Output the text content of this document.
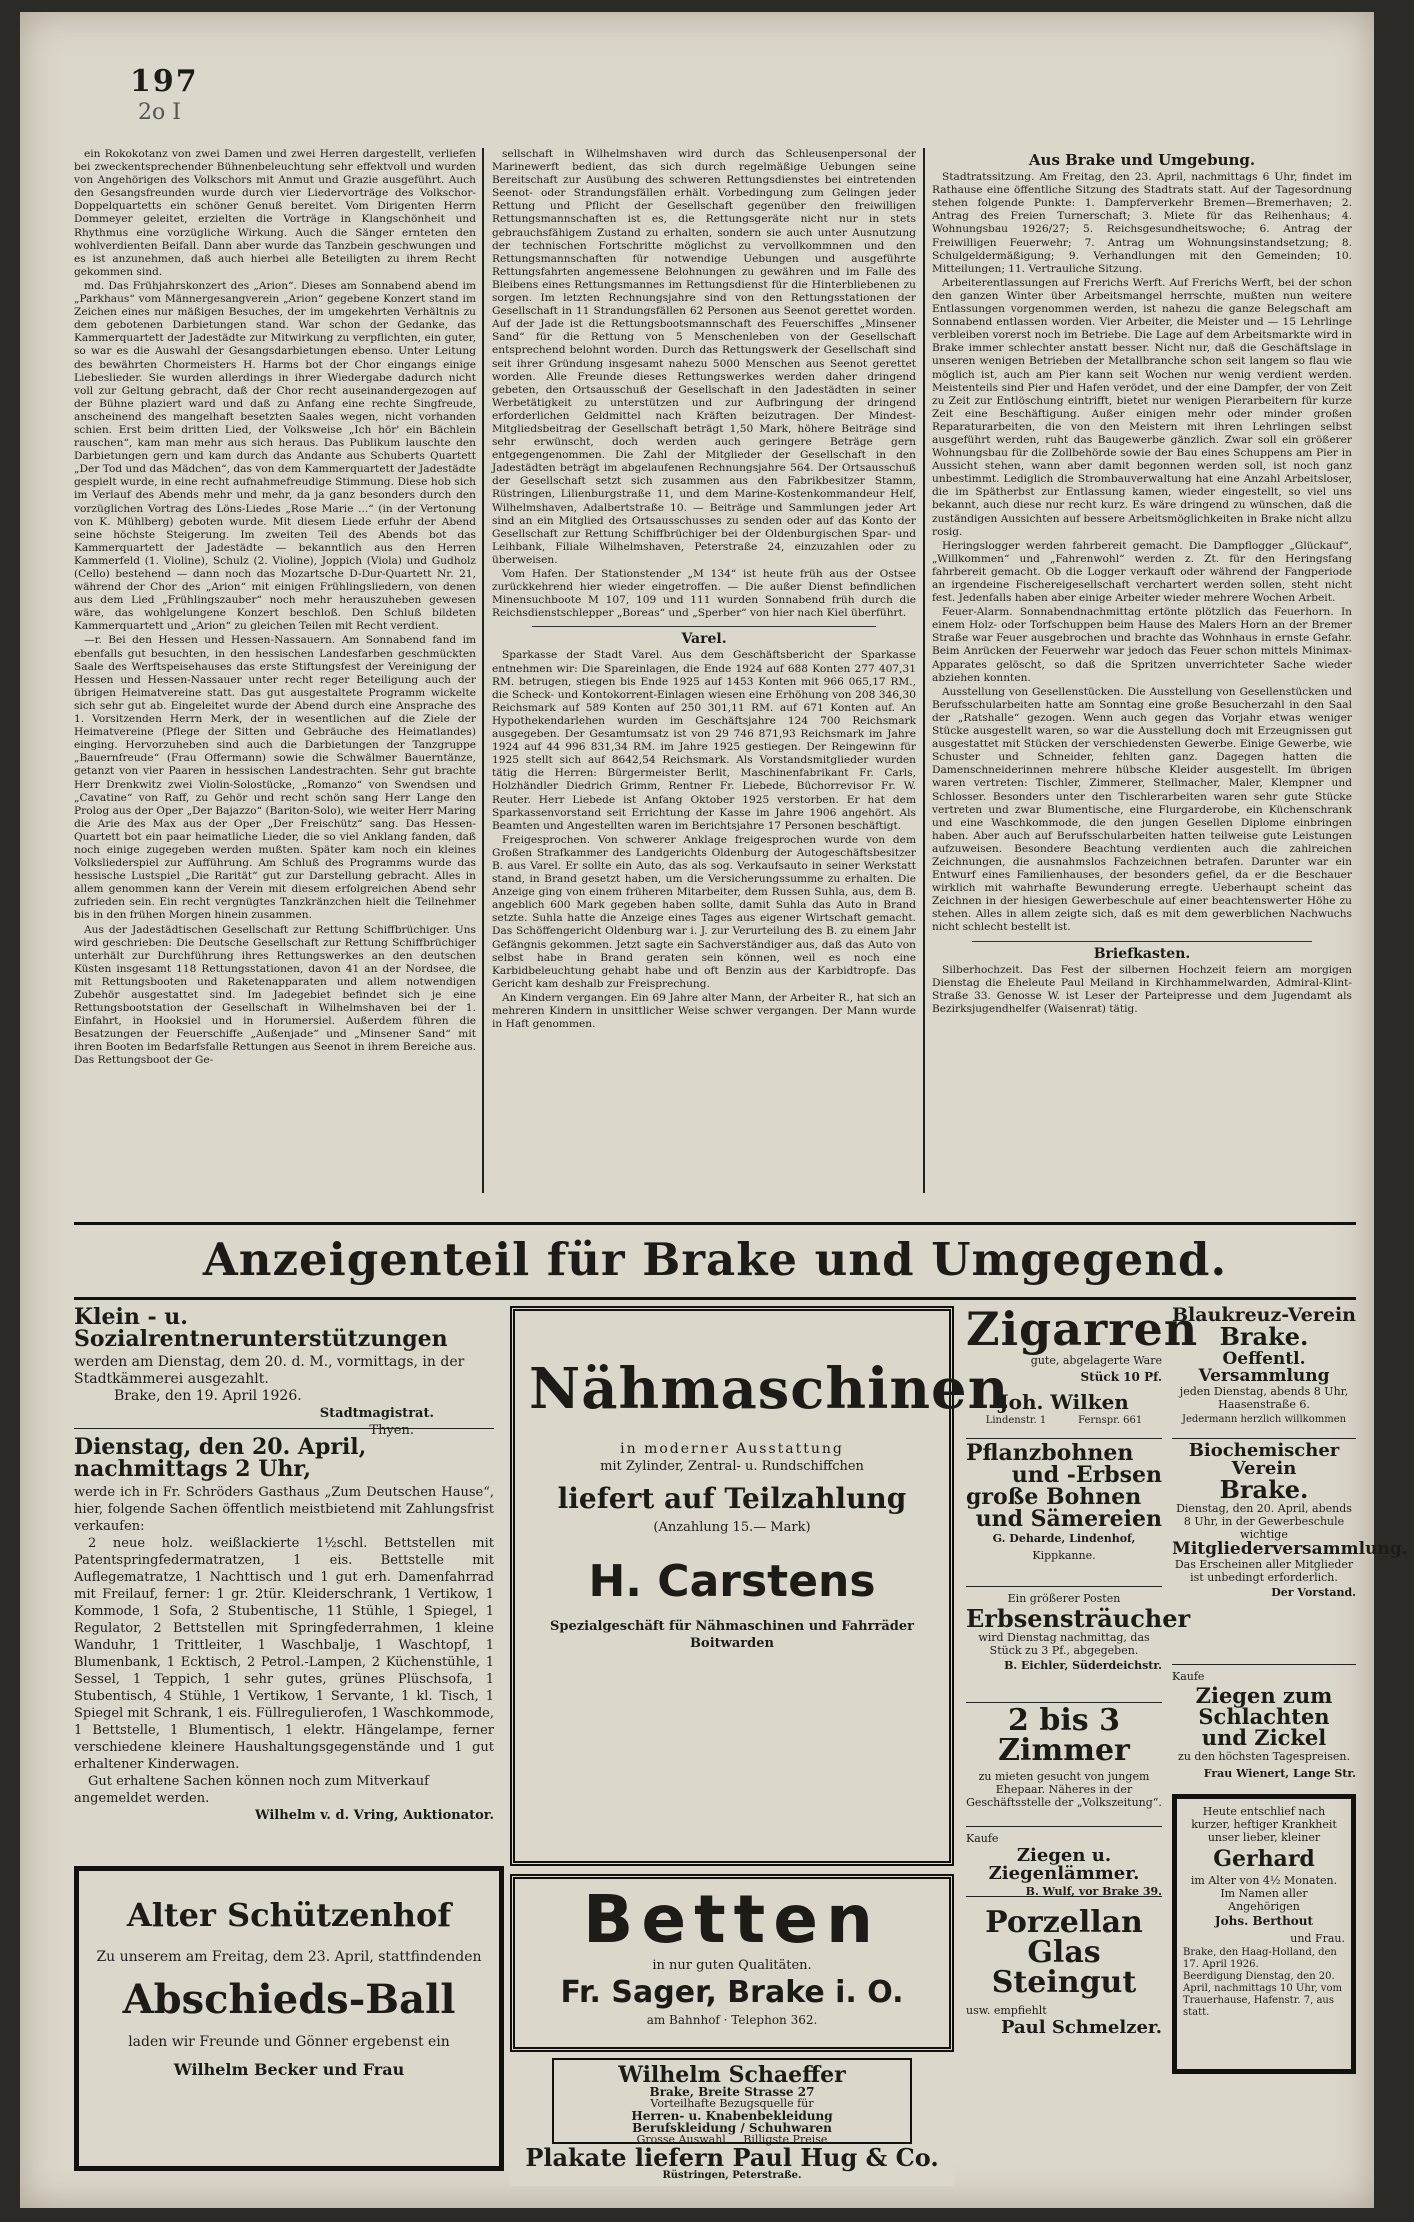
197
2o I

ein Rokokotanz von zwei Damen und zwei Herren dargestellt, verliefen bei zweckentsprechender Bühnenbeleuchtung sehr effektvoll und wurden von Angehörigen des Volkschors mit Anmut und Grazie ausgeführt. Auch den Gesangsfreunden wurde durch vier Liedervorträge des Volkschor-Doppelquartetts ein schöner Genuß bereitet. Vom Dirigenten Herrn Dommeyer geleitet, erzielten die Vorträge in Klangschönheit und Rhythmus eine vorzügliche Wirkung. Auch die Sänger ernteten den wohlverdienten Beifall. Dann aber wurde das Tanzbein geschwungen und es ist anzunehmen, daß auch hierbei alle Beteiligten zu ihrem Recht gekommen sind.

md. Das Frühjahrskonzert des „Arion“. Dieses am Sonnabend abend im „Parkhaus“ vom Männergesangverein „Arion“ gegebene Konzert stand im Zeichen eines nur mäßigen Besuches, der im umgekehrten Verhältnis zu dem gebotenen Darbietungen stand. War schon der Gedanke, das Kammerquartett der Jadestädte zur Mitwirkung zu verpflichten, ein guter, so war es die Auswahl der Gesangsdarbietungen ebenso. Unter Leitung des bewährten Chormeisters H. Harms bot der Chor eingangs einige Liebeslieder. Sie wurden allerdings in ihrer Wiedergabe dadurch nicht voll zur Geltung gebracht, daß der Chor recht auseinandergezogen auf der Bühne plaziert ward und daß zu Anfang eine rechte Singfreude, anscheinend des mangelhaft besetzten Saales wegen, nicht vorhanden schien. Erst beim dritten Lied, der Volksweise „Ich hör' ein Bächlein rauschen“, kam man mehr aus sich heraus. Das Publikum lauschte den Darbietungen gern und kam durch das Andante aus Schuberts Quartett „Der Tod und das Mädchen“, das von dem Kammerquartett der Jadestädte gespielt wurde, in eine recht aufnahmefreudige Stimmung. Diese hob sich im Verlauf des Abends mehr und mehr, da ja ganz besonders durch den vorzüglichen Vortrag des Löns-Liedes „Rose Marie ...“ (in der Vertonung von K. Mühlberg) geboten wurde. Mit diesem Liede erfuhr der Abend seine höchste Steigerung. Im zweiten Teil des Abends bot das Kammerquartett der Jadestädte — bekanntlich aus den Herren Kammerfeld (1. Violine), Schulz (2. Violine), Joppich (Viola) und Gudholz (Cello) bestehend — dann noch das Mozartsche D-Dur-Quartett Nr. 21, während der Chor des „Arion“ mit einigen Frühlingsliedern, von denen aus dem Lied „Frühlingszauber“ noch mehr herauszuheben gewesen wäre, das wohlgelungene Konzert beschloß. Den Schluß bildeten Kammerquartett und „Arion“ zu gleichen Teilen mit Recht verdient.

—r. Bei den Hessen und Hessen-Nassauern. Am Sonnabend fand im ebenfalls gut besuchten, in den hessischen Landesfarben geschmückten Saale des Werftspeisehauses das erste Stiftungsfest der Vereinigung der Hessen und Hessen-Nassauer unter recht reger Beteiligung auch der übrigen Heimatvereine statt. Das gut ausgestaltete Programm wickelte sich sehr gut ab. Eingeleitet wurde der Abend durch eine Ansprache des 1. Vorsitzenden Herrn Merk, der in wesentlichen auf die Ziele der Heimatvereine (Pflege der Sitten und Gebräuche des Heimatlandes) einging. Hervorzuheben sind auch die Darbietungen der Tanzgruppe „Bauernfreude“ (Frau Offermann) sowie die Schwälmer Bauerntänze, getanzt von vier Paaren in hessischen Landestrachten. Sehr gut brachte Herr Drenkwitz zwei Violin-Solostücke, „Romanzo“ von Swendsen und „Cavatine“ von Raff, zu Gehör und recht schön sang Herr Lange den Prolog aus der Oper „Der Bajazzo“ (Bariton-Solo), wie weiter Herr Maring die Arie des Max aus der Oper „Der Freischütz“ sang. Das Hessen-Quartett bot ein paar heimatliche Lieder, die so viel Anklang fanden, daß noch einige zugegeben werden mußten. Später kam noch ein kleines Volksliederspiel zur Aufführung. Am Schluß des Programms wurde das hessische Lustspiel „Die Rarität“ gut zur Darstellung gebracht. Alles in allem genommen kann der Verein mit diesem erfolgreichen Abend sehr zufrieden sein. Ein recht vergnügtes Tanzkränzchen hielt die Teilnehmer bis in den frühen Morgen hinein zusammen.

Aus der Jadestädtischen Gesellschaft zur Rettung Schiffbrüchiger. Uns wird geschrieben: Die Deutsche Gesellschaft zur Rettung Schiffbrüchiger unterhält zur Durchführung ihres Rettungswerkes an den deutschen Küsten insgesamt 118 Rettungsstationen, davon 41 an der Nordsee, die mit Rettungsbooten und Raketenapparaten und allem notwendigen Zubehör ausgestattet sind. Im Jadegebiet befindet sich je eine Rettungsbootstation der Gesellschaft in Wilhelmshaven bei der 1. Einfahrt, in Hooksiel und in Horumersiel. Außerdem führen die Besatzungen der Feuerschiffe „Außenjade“ und „Minsener Sand“ mit ihren Booten im Bedarfsfalle Rettungen aus Seenot in ihrem Bereiche aus. Das Rettungsboot der Ge-

sellschaft in Wilhelmshaven wird durch das Schleusenpersonal der Marinewerft bedient, das sich durch regelmäßige Uebungen seine Bereitschaft zur Ausübung des schweren Rettungsdienstes bei eintretenden Seenot- oder Strandungsfällen erhält. Vorbedingung zum Gelingen jeder Rettung und Pflicht der Gesellschaft gegenüber den freiwilligen Rettungsmannschaften ist es, die Rettungsgeräte nicht nur in stets gebrauchsfähigem Zustand zu erhalten, sondern sie auch unter Ausnutzung der technischen Fortschritte möglichst zu vervollkommnen und den Rettungsmannschaften für notwendige Uebungen und ausgeführte Rettungsfahrten angemessene Belohnungen zu gewähren und im Falle des Bleibens eines Rettungsmannes im Rettungsdienst für die Hinterbliebenen zu sorgen. Im letzten Rechnungsjahre sind von den Rettungsstationen der Gesellschaft in 11 Strandungsfällen 62 Personen aus Seenot gerettet worden. Auf der Jade ist die Rettungsbootsmannschaft des Feuerschiffes „Minsener Sand“ für die Rettung von 5 Menschenleben von der Gesellschaft entsprechend belohnt worden. Durch das Rettungswerk der Gesellschaft sind seit ihrer Gründung insgesamt nahezu 5000 Menschen aus Seenot gerettet worden. Alle Freunde dieses Rettungswerkes werden daher dringend gebeten, den Ortsausschuß der Gesellschaft in den Jadestädten in seiner Werbetätigkeit zu unterstützen und zur Aufbringung der dringend erforderlichen Geldmittel nach Kräften beizutragen. Der Mindest-Mitgliedsbeitrag der Gesellschaft beträgt 1,50 Mark, höhere Beiträge sind sehr erwünscht, doch werden auch geringere Beträge gern entgegengenommen. Die Zahl der Mitglieder der Gesellschaft in den Jadestädten beträgt im abgelaufenen Rechnungsjahre 564. Der Ortsausschuß der Gesellschaft setzt sich zusammen aus den Fabrikbesitzer Stamm, Rüstringen, Lilienburgstraße 11, und dem Marine-Kostenkommandeur Helf, Wilhelmshaven, Adalbertstraße 10. — Beiträge und Sammlungen jeder Art sind an ein Mitglied des Ortsausschusses zu senden oder auf das Konto der Gesellschaft zur Rettung Schiffbrüchiger bei der Oldenburgischen Spar- und Leihbank, Filiale Wilhelmshaven, Peterstraße 24, einzuzahlen oder zu überweisen.

Vom Hafen. Der Stationstender „M 134“ ist heute früh aus der Ostsee zurückkehrend hier wieder eingetroffen. — Die außer Dienst befindlichen Minensuchboote M 107, 109 und 111 wurden Sonnabend früh durch die Reichsdienstschlepper „Boreas“ und „Sperber“ von hier nach Kiel überführt.

Varel.

Sparkasse der Stadt Varel. Aus dem Geschäftsbericht der Sparkasse entnehmen wir: Die Spareinlagen, die Ende 1924 auf 688 Konten 277 407,31 RM. betrugen, stiegen bis Ende 1925 auf 1453 Konten mit 966 065,17 RM., die Scheck- und Kontokorrent-Einlagen wiesen eine Erhöhung von 208 346,30 Reichsmark auf 589 Konten auf 250 301,11 RM. auf 671 Konten auf. An Hypothekendarlehen wurden im Geschäftsjahre 124 700 Reichsmark ausgegeben. Der Gesamtumsatz ist von 29 746 871,93 Reichsmark im Jahre 1924 auf 44 996 831,34 RM. im Jahre 1925 gestiegen. Der Reingewinn für 1925 stellt sich auf 8642,54 Reichsmark. Als Vorstandsmitglieder wurden tätig die Herren: Bürgermeister Berlit, Maschinenfabrikant Fr. Carls, Holzhändler Diedrich Grimm, Rentner Fr. Liebede, Büchorrevisor Fr. W. Reuter. Herr Liebede ist Anfang Oktober 1925 verstorben. Er hat dem Sparkassenvorstand seit Errichtung der Kasse im Jahre 1906 angehört. Als Beamten und Angestellten waren im Berichtsjahre 17 Personen beschäftigt.

Freigesprochen. Von schwerer Anklage freigesprochen wurde von dem Großen Strafkammer des Landgerichts Oldenburg der Autogeschäftsbesitzer B. aus Varel. Er sollte ein Auto, das als sog. Verkaufsauto in seiner Werkstatt stand, in Brand gesetzt haben, um die Versicherungssumme zu erhalten. Die Anzeige ging von einem früheren Mitarbeiter, dem Russen Suhla, aus, dem B. angeblich 600 Mark gegeben haben sollte, damit Suhla das Auto in Brand setzte. Suhla hatte die Anzeige eines Tages aus eigener Wirtschaft gemacht. Das Schöffengericht Oldenburg war i. J. zur Verurteilung des B. zu einem Jahr Gefängnis gekommen. Jetzt sagte ein Sachverständiger aus, daß das Auto von selbst habe in Brand geraten sein können, weil es noch eine Karbidbeleuchtung gehabt habe und oft Benzin aus der Karbidtropfe. Das Gericht kam deshalb zur Freisprechung.

An Kindern vergangen. Ein 69 Jahre alter Mann, der Arbeiter R., hat sich an mehreren Kindern in unsittlicher Weise schwer vergangen. Der Mann wurde in Haft genommen.

Aus Brake und Umgebung.

Stadtratssitzung. Am Freitag, den 23. April, nachmittags 6 Uhr, findet im Rathause eine öffentliche Sitzung des Stadtrats statt. Auf der Tagesordnung stehen folgende Punkte: 1. Dampferverkehr Bremen—Bremerhaven; 2. Antrag des Freien Turnerschaft; 3. Miete für das Reihenhaus; 4. Wohnungsbau 1926/27; 5. Reichsgesundheitswoche; 6. Antrag der Freiwilligen Feuerwehr; 7. Antrag um Wohnungsinstandsetzung; 8. Schulgeldermäßigung; 9. Verhandlungen mit den Gemeinden; 10. Mitteilungen; 11. Vertrauliche Sitzung.

Arbeiterentlassungen auf Frerichs Werft. Auf Frerichs Werft, bei der schon den ganzen Winter über Arbeitsmangel herrschte, mußten nun weitere Entlassungen vorgenommen werden, ist nahezu die ganze Belegschaft am Sonnabend entlassen worden. Vier Arbeiter, die Meister und — 15 Lehrlinge verbleiben vorerst noch im Betriebe. Die Lage auf dem Arbeitsmarkte wird in Brake immer schlechter anstatt besser. Nicht nur, daß die Geschäftslage in unseren wenigen Betrieben der Metallbranche schon seit langem so flau wie möglich ist, auch am Pier kann seit Wochen nur wenig verdient werden. Meistenteils sind Pier und Hafen verödet, und der eine Dampfer, der von Zeit zu Zeit zur Entlöschung eintrifft, bietet nur wenigen Pierarbeitern für kurze Zeit eine Beschäftigung. Außer einigen mehr oder minder großen Reparaturarbeiten, die von den Meistern mit ihren Lehrlingen selbst ausgeführt werden, ruht das Baugewerbe gänzlich. Zwar soll ein größerer Wohnungsbau für die Zollbehörde sowie der Bau eines Schuppens am Pier in Aussicht stehen, wann aber damit begonnen werden soll, ist noch ganz unbestimmt. Lediglich die Strombauverwaltung hat eine Anzahl Arbeitsloser, die im Spätherbst zur Entlassung kamen, wieder eingestellt, so viel uns bekannt, auch diese nur recht kurz. Es wäre dringend zu wünschen, daß die zuständigen Aussichten auf bessere Arbeitsmöglichkeiten in Brake nicht allzu rosig.

Heringslogger werden fahrbereit gemacht. Die Dampflogger „Glückauf“, „Willkommen“ und „Fahrenwohl“ werden z. Zt. für den Heringsfang fahrbereit gemacht. Ob die Logger verkauft oder während der Fangperiode an irgendeine Fischereigesellschaft verchartert werden sollen, steht nicht fest. Jedenfalls haben aber einige Arbeiter wieder mehrere Wochen Arbeit.

Feuer-Alarm. Sonnabendnachmittag ertönte plötzlich das Feuerhorn. In einem Holz- oder Torfschuppen beim Hause des Malers Horn an der Bremer Straße war Feuer ausgebrochen und brachte das Wohnhaus in ernste Gefahr. Beim Anrücken der Feuerwehr war jedoch das Feuer schon mittels Minimax-Apparates gelöscht, so daß die Spritzen unverrichteter Sache wieder abziehen konnten.

Ausstellung von Gesellenstücken. Die Ausstellung von Gesellenstücken und Berufsschularbeiten hatte am Sonntag eine große Besucherzahl in den Saal der „Ratshalle“ gezogen. Wenn auch gegen das Vorjahr etwas weniger Stücke ausgestellt waren, so war die Ausstellung doch mit Erzeugnissen gut ausgestattet mit Stücken der verschiedensten Gewerbe. Einige Gewerbe, wie Schuster und Schneider, fehlten ganz. Dagegen hatten die Damenschneiderinnen mehrere hübsche Kleider ausgestellt. Im übrigen waren vertreten: Tischler, Zimmerer, Stellmacher, Maler, Klempner und Schlosser. Besonders unter den Tischlerarbeiten waren sehr gute Stücke vertreten und zwar Blumentische, eine Flurgarderobe, ein Küchenschrank und eine Waschkommode, die den jungen Gesellen Diplome einbringen haben. Aber auch auf Berufsschularbeiten hatten teilweise gute Leistungen aufzuweisen. Besondere Beachtung verdienten auch die zahlreichen Zeichnungen, die ausnahmslos Fachzeichnen betrafen. Darunter war ein Entwurf eines Familienhauses, der besonders gefiel, da er die Beschauer wirklich mit wahrhafte Bewunderung erregte. Ueberhaupt scheint das Zeichnen in der hiesigen Gewerbeschule auf einer beachtenswerter Höhe zu stehen. Alles in allem zeigte sich, daß es mit dem gewerblichen Nachwuchs nicht schlecht bestellt ist.

Briefkasten.

Silberhochzeit. Das Fest der silbernen Hochzeit feiern am morgigen Dienstag die Eheleute Paul Meiland in Kirchhammelwarden, Admiral-Klint-Straße 33. Genosse W. ist Leser der Parteipresse und dem Jugendamt als Bezirksjugendhelfer (Waisenrat) tätig.

Anzeigenteil für Brake und Umgegend.
Klein - u. Sozialrentnerunterstützungen
werden am Dienstag, dem 20. d. M., vormittags, in der Stadtkämmerei ausgezahlt.
Brake, den 19. April 1926.
Stadtmagistrat.
Thyen.
Dienstag, den 20. April, nachmittags 2 Uhr,
werde ich in Fr. Schröders Gasthaus „Zum Deutschen Hause“, hier, folgende Sachen öffentlich meistbietend mit Zahlungsfrist verkaufen:
2 neue holz. weißlackierte 1½schl. Bettstellen mit Patentspringfedermatratzen, 1 eis. Bettstelle mit Auflegematratze, 1 Nachttisch und 1 gut erh. Damenfahrrad mit Freilauf, ferner: 1 gr. 2tür. Kleiderschrank, 1 Vertikow, 1 Kommode, 1 Sofa, 2 Stubentische, 11 Stühle, 1 Spiegel, 1 Regulator, 2 Bettstellen mit Springfederrahmen, 1 kleine Wanduhr, 1 Trittleiter, 1 Waschbalje, 1 Waschtopf, 1 Blumenbank, 1 Ecktisch, 2 Petrol.-Lampen, 2 Küchenstühle, 1 Sessel, 1 Teppich, 1 sehr gutes, grünes Plüschsofa, 1 Stubentisch, 4 Stühle, 1 Vertikow, 1 Servante, 1 kl. Tisch, 1 Spiegel mit Schrank, 1 eis. Füllregulierofen, 1 Waschkommode, 1 Bettstelle, 1 Blumentisch, 1 elektr. Hängelampe, ferner verschiedene kleinere Haushaltungsgegenstände und 1 gut erhaltener Kinderwagen.
Gut erhaltene Sachen können noch zum Mitverkauf angemeldet werden.
Wilhelm v. d. Vring, Auktionator.
Alter Schützenhof
Zu unserem am Freitag, dem 23. April, stattfindenden
Abschieds-Ball
laden wir Freunde und Gönner ergebenst ein
Wilhelm Becker und Frau
Nähmaschinen
in moderner Ausstattung
mit Zylinder, Zentral- u. Rundschiffchen
liefert auf Teilzahlung
(Anzahlung 15.— Mark)
H. Carstens
Spezialgeschäft für Nähmaschinen und Fahrräder
Boitwarden
Betten
in nur guten Qualitäten.
Fr. Sager, Brake i. O.
am Bahnhof · Telephon 362.
Wilhelm Schaeffer
Brake, Breite Strasse 27
Vorteilhafte Bezugsquelle für
Herren- u. Knabenbekleidung
Berufskleidung / Schuhwaren
Grosse Auswahl     Billigste Preise
Zigarren
gute, abgelagerte Ware
Stück 10 Pf.
Joh. Wilken
Lindenstr. 1          Fernspr. 661
Pflanzbohnen
und -Erbsen
große Bohnen
und Sämereien
G. Deharde, Lindenhof,
Kippkanne.
Ein größerer Posten
Erbsensträucher
wird Dienstag nachmittag, das Stück zu 3 Pf., abgegeben.
B. Eichler, Süderdeichstr.
2 bis 3 Zimmer
zu mieten gesucht von jungem Ehepaar. Näheres in der Geschäftsstelle der „Volkszeitung“.
Kaufe
Ziegen u. Ziegenlämmer.
B. Wulf, vor Brake 39.
Porzellan
Glas
Steingut
usw. empfiehlt
Paul Schmelzer.
Blaukreuz-Verein
Brake.
Oeffentl. Versammlung
jeden Dienstag, abends 8 Uhr, Haasenstraße 6.
Jedermann herzlich willkommen
Biochemischer Verein
Brake.
Dienstag, den 20. April, abends 8 Uhr, in der Gewerbeschule wichtige
Mitgliederversammlung.
Das Erscheinen aller Mitglieder ist unbedingt erforderlich.
Der Vorstand.
Kaufe
Ziegen zum Schlachten
und Zickel
zu den höchsten Tagespreisen.
Frau Wienert, Lange Str.
Heute entschlief nach kurzer, heftiger Krankheit unser lieber, kleiner
Gerhard
im Alter von 4½ Monaten.
Im Namen aller Angehörigen
Johs. Berthout
und Frau.
Brake, den Haag-Holland, den 17. April 1926.
Beerdigung Dienstag, den 20. April, nachmittags 10 Uhr, vom Trauerhause, Hafenstr. 7, aus statt.
Plakate liefern Paul Hug & Co.
Rüstringen, Peterstraße.
